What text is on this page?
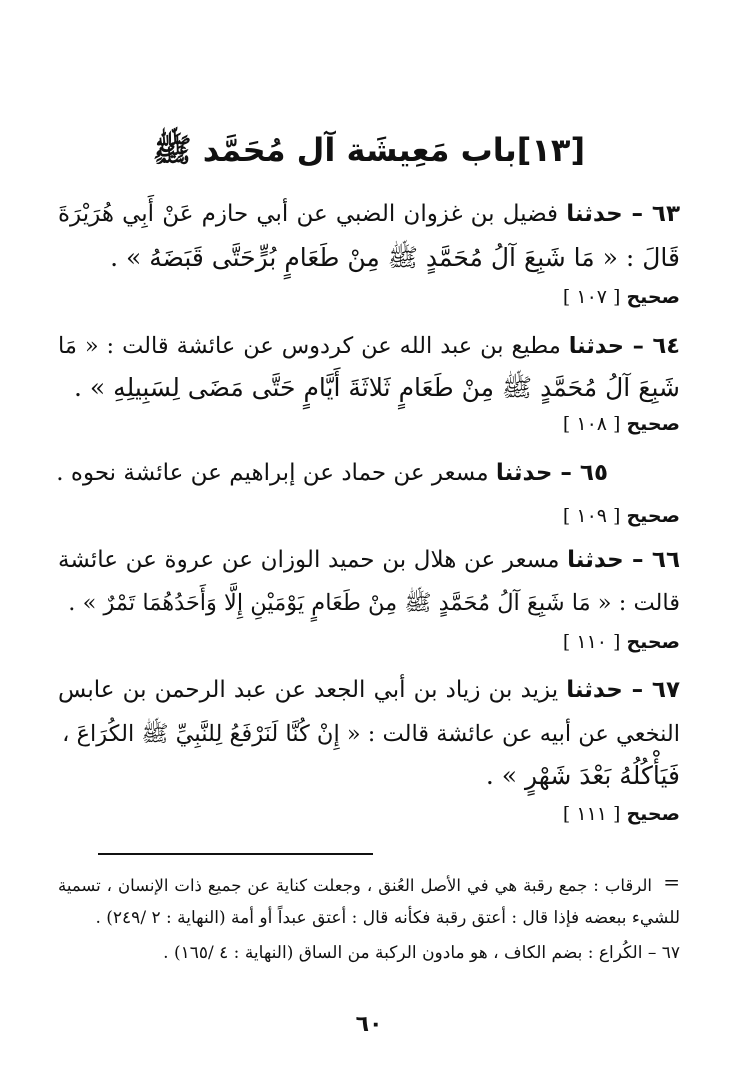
[١٣]باب مَعِيشَة آل مُحَمَّد ﷺ
٦٣ – حدثنا فضيل بن غزوان الضبي عن أبي حازم عَنْ أَبِي هُرَيْرَةَ
قَالَ : « مَا شَبِعَ آلُ مُحَمَّدٍ ﷺ مِنْ طَعَامٍ بُرٍّحَتَّى قَبَضَهُ » .
صحيح [ ١٠٧ ]
٦٤ – حدثنا مطيع بن عبد الله عن كردوس عن عائشة قالت : « مَا
شَبِعَ آلُ مُحَمَّدٍ ﷺ مِنْ طَعَامٍ ثَلاثَةَ أَيَّامٍ حَتَّى مَضَى لِسَبِيلِهِ » .
صحيح [ ١٠٨ ]
٦٥ – حدثنا مسعر عن حماد عن إبراهيم عن عائشة نحوه .
صحيح [ ١٠٩ ]
٦٦ – حدثنا مسعر عن هلال بن حميد الوزان عن عروة عن عائشة
قالت : « مَا شَبِعَ آلُ مُحَمَّدٍ ﷺ مِنْ طَعَامٍ يَوْمَيْنِ إِلَّا وَأَحَدُهُمَا تَمْرٌ » .
صحيح [ ١١٠ ]
٦٧ – حدثنا يزيد بن زياد بن أبي الجعد عن عبد الرحمن بن عابس
النخعي عن أبيه عن عائشة قالت : « إِنْ كُنَّا لَنَرْفَعُ لِلنَّبِيِّ ﷺ الكُرَاعَ ،
فَيَأْكُلُهُ بَعْدَ شَهْرٍ » .
صحيح [ ١١١ ]
=
الرقاب : جمع رقبة هي في الأصل العُنق ، وجعلت كناية عن جميع ذات الإنسان ، تسمية
للشيء ببعضه فإذا قال : أعتق رقبة فكأنه قال : أعتق عبداً أو أمة (النهاية : ٢ /٢٤٩) .
٦٧ – الكُراع : بضم الكاف ، هو مادون الركبة من الساق (النهاية : ٤ /١٦٥) .
٦٠
